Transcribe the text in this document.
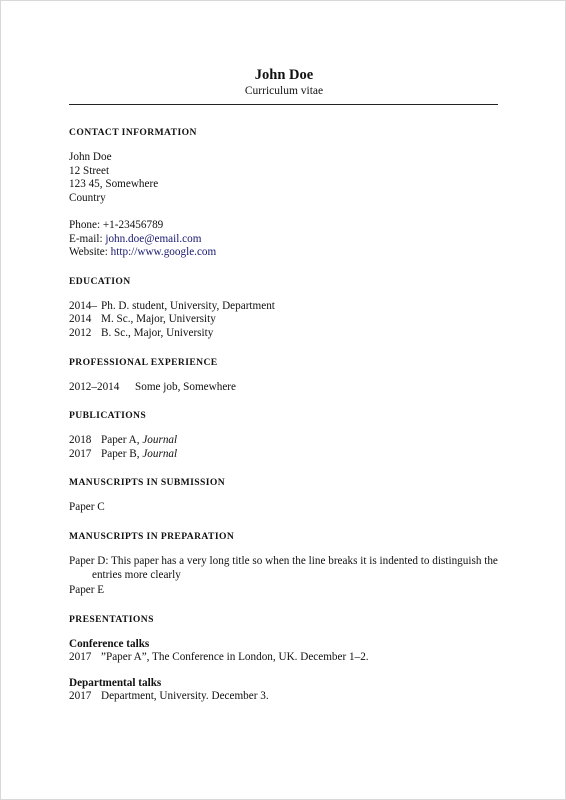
John Doe
Curriculum vitae
CONTACT INFORMATION
John Doe
12 Street
123 45, Somewhere
Country
Phone: +1-23456789
E-mail: john.doe@email.com
Website: http://www.google.com
EDUCATION
2014– Ph. D. student, University, Department
2014 M. Sc., Major, University
2012 B. Sc., Major, University
PROFESSIONAL EXPERIENCE
2012–2014	Some job, Somewhere
PUBLICATIONS
2018 Paper A, Journal
2017 Paper B, Journal
MANUSCRIPTS IN SUBMISSION
Paper C
MANUSCRIPTS IN PREPARATION
Paper D: This paper has a very long title so when the line breaks it is indented to distinguish the entries more clearly
Paper E
PRESENTATIONS
Conference talks
2017 ”Paper A”, The Conference in London, UK. December 1–2.
Departmental talks
2017 Department, University. December 3.
